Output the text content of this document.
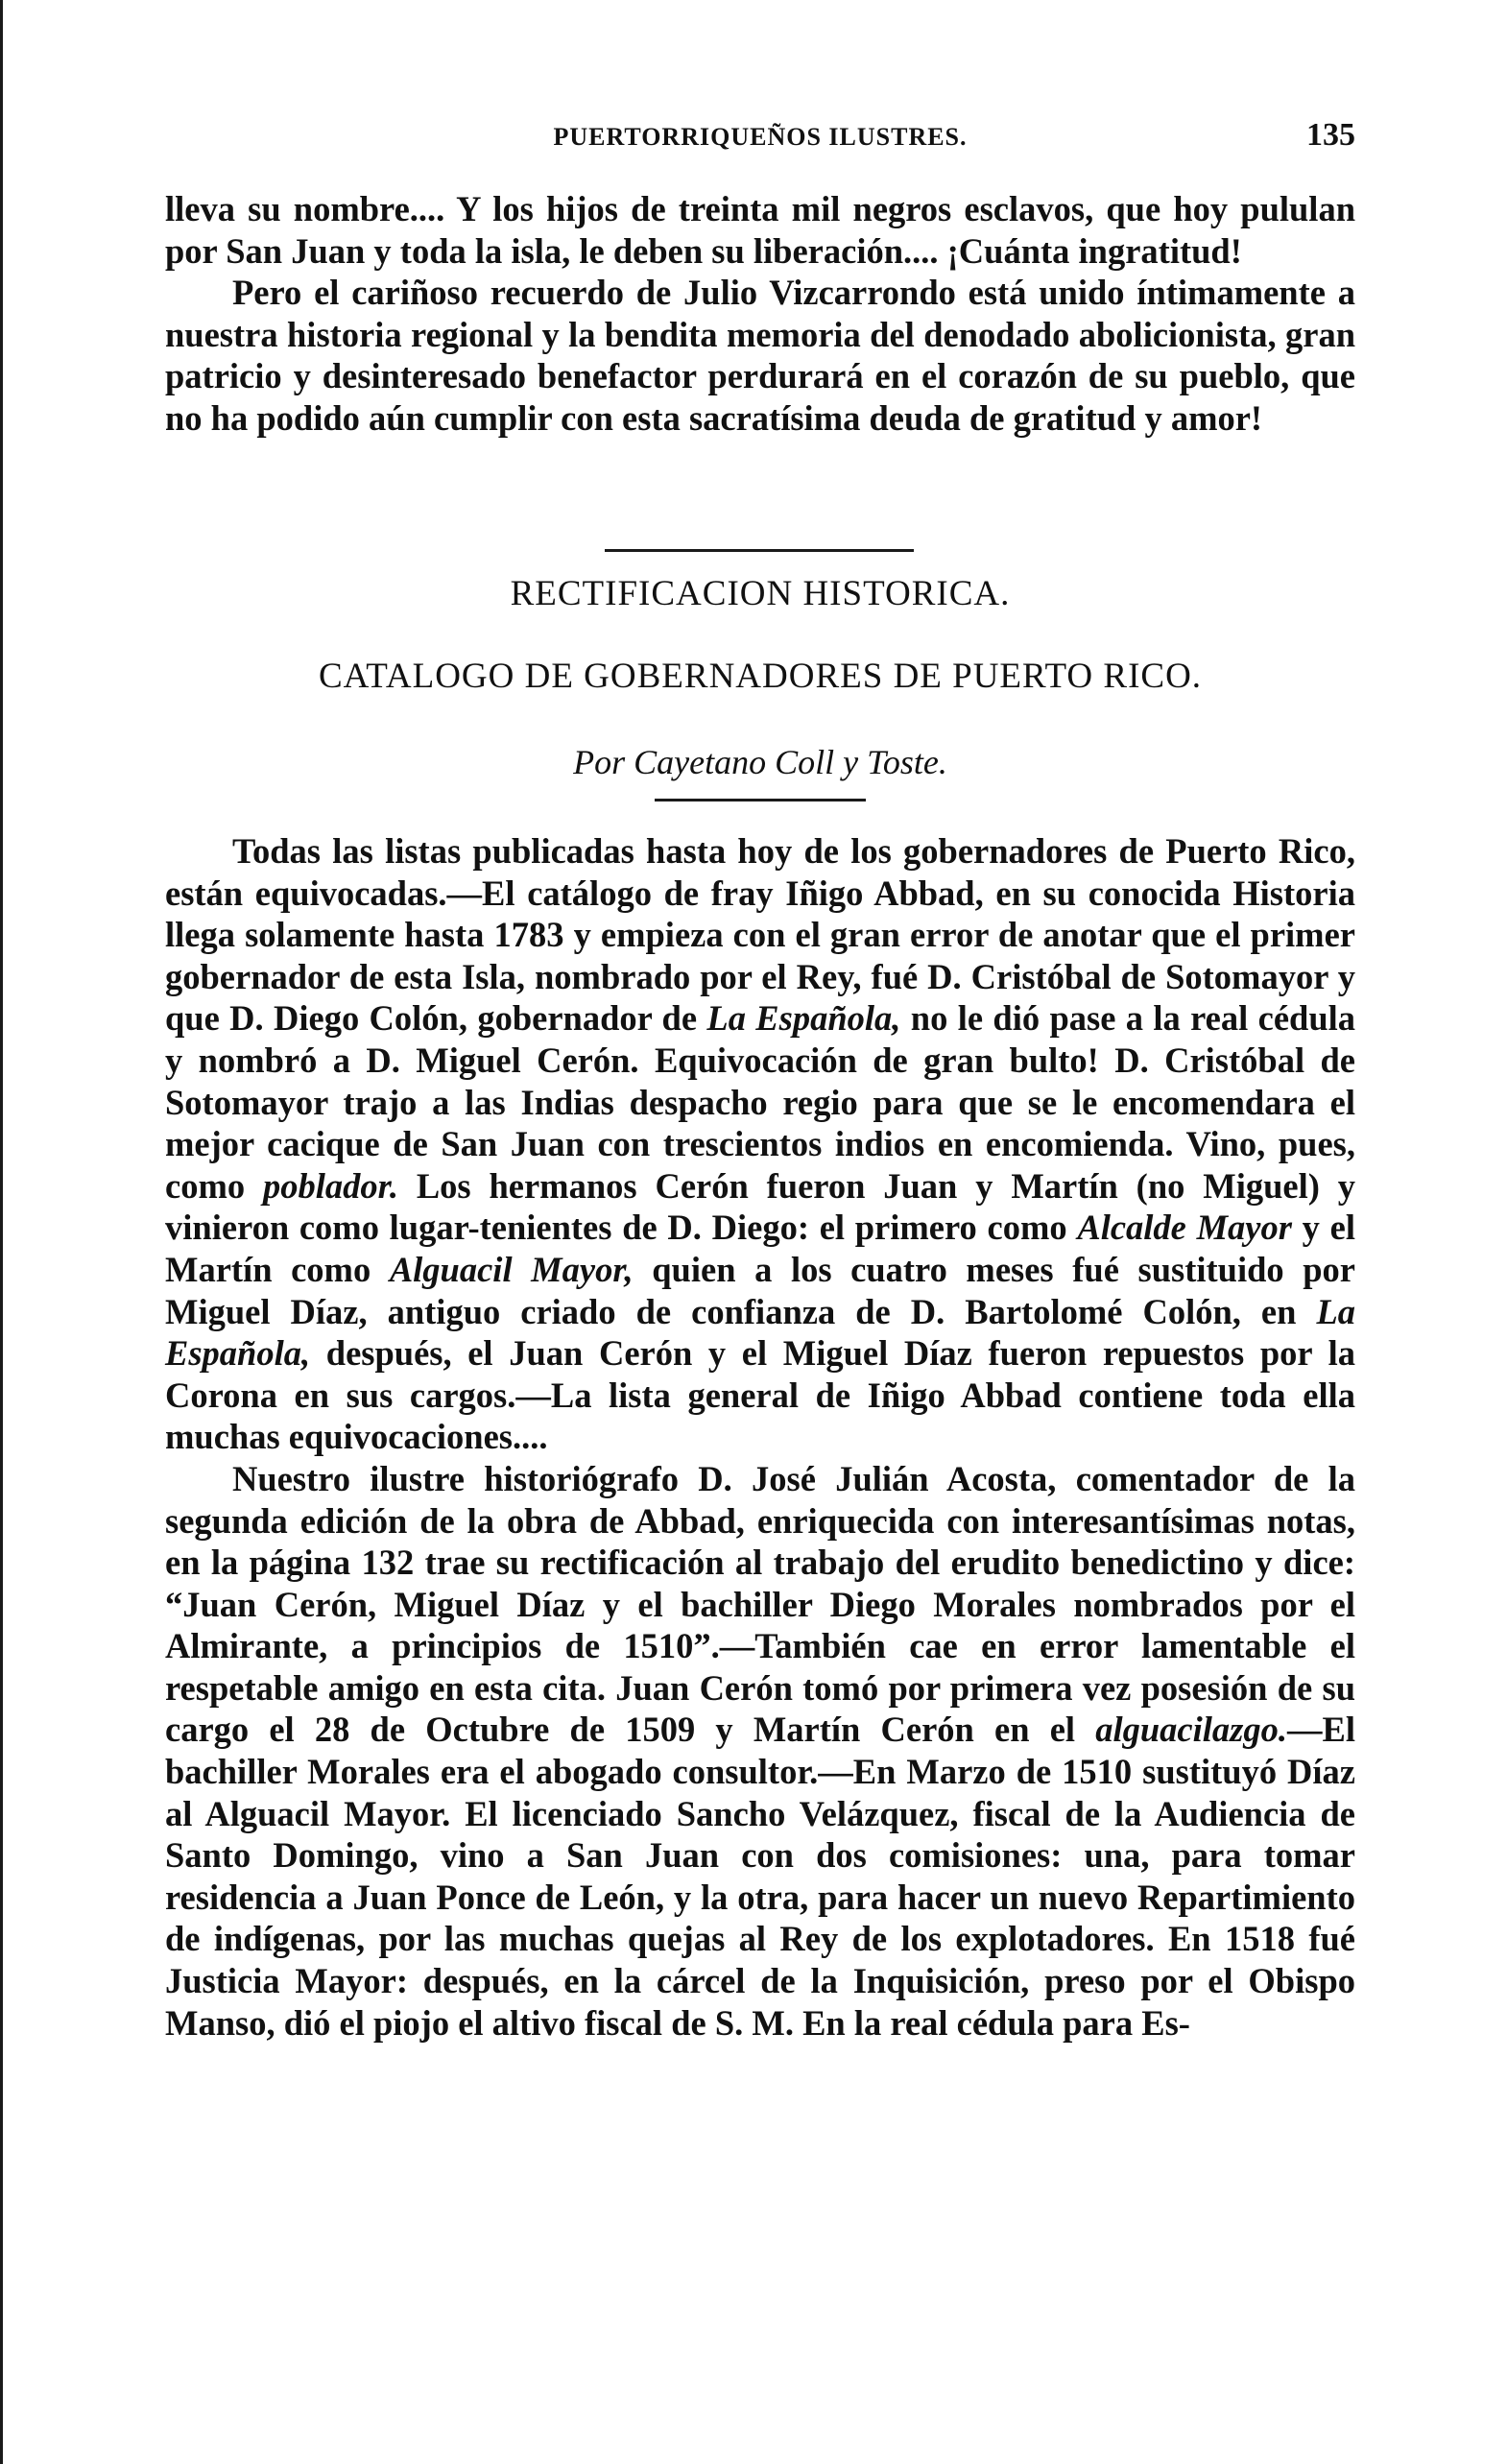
PUERTORRIQUEÑOS ILUSTRES.	135

lleva su nombre.... Y los hijos de treinta mil negros esclavos, que hoy pululan por San Juan y toda la isla, le deben su liberación.... ¡Cuánta ingratitud!

Pero el cariñoso recuerdo de Julio Vizcarrondo está unido íntimamente a nuestra historia regional y la bendita memoria del denodado abolicionista, gran patricio y desinteresado benefactor perdurará en el corazón de su pueblo, que no ha podido aún cumplir con esta sacratísima deuda de gratitud y amor!

RECTIFICACION HISTORICA.
CATALOGO DE GOBERNADORES DE PUERTO RICO.
Por Cayetano Coll y Toste.

Todas las listas publicadas hasta hoy de los gobernadores de Puerto Rico, están equivocadas.—El catálogo de fray Iñigo Abbad, en su conocida Historia llega solamente hasta 1783 y empieza con el gran error de anotar que el primer gobernador de esta Isla, nombrado por el Rey, fué D. Cristóbal de Sotomayor y que D. Diego Colón, gobernador de La Española, no le dió pase a la real cédula y nombró a D. Miguel Cerón. Equivocación de gran bulto! D. Cristóbal de Sotomayor trajo a las Indias despacho regio para que se le encomendara el mejor cacique de San Juan con trescientos indios en encomienda. Vino, pues, como poblador. Los hermanos Cerón fueron Juan y Martín (no Miguel) y vinieron como lugar-tenientes de D. Diego: el primero como Alcalde Mayor y el Martín como Alguacil Mayor, quien a los cuatro meses fué sustituido por Miguel Díaz, antiguo criado de confianza de D. Bartolomé Colón, en La Española, después, el Juan Cerón y el Miguel Díaz fueron repuestos por la Corona en sus cargos.—La lista general de Iñigo Abbad contiene toda ella muchas equivocaciones....

Nuestro ilustre historiógrafo D. José Julián Acosta, comentador de la segunda edición de la obra de Abbad, enriquecida con interesantísimas notas, en la página 132 trae su rectificación al trabajo del erudito benedictino y dice: “Juan Cerón, Miguel Díaz y el bachiller Diego Morales nombrados por el Almirante, a principios de 1510”.—También cae en error lamentable el respetable amigo en esta cita. Juan Cerón tomó por primera vez posesión de su cargo el 28 de Octubre de 1509 y Martín Cerón en el alguacilazgo.—El bachiller Morales era el abogado consultor.—En Marzo de 1510 sustituyó Díaz al Alguacil Mayor. El licenciado Sancho Velázquez, fiscal de la Audiencia de Santo Domingo, vino a San Juan con dos comisiones: una, para tomar residencia a Juan Ponce de León, y la otra, para hacer un nuevo Repartimiento de indígenas, por las muchas quejas al Rey de los explotadores. En 1518 fué Justicia Mayor: después, en la cárcel de la Inquisición, preso por el Obispo Manso, dió el piojo el altivo fiscal de S. M. En la real cédula para Es-
